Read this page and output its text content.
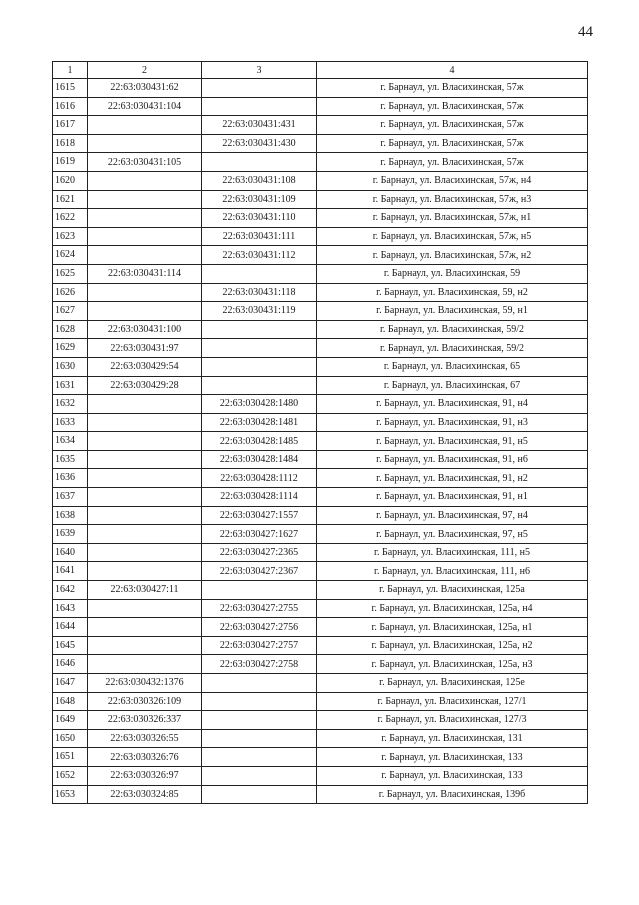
44
1	2	3	4
1615	22:63:030431:62		г. Барнаул, ул. Власихинская, 57ж
1616	22:63:030431:104		г. Барнаул, ул. Власихинская, 57ж
1617		22:63:030431:431	г. Барнаул, ул. Власихинская, 57ж
1618		22:63:030431:430	г. Барнаул, ул. Власихинская, 57ж
1619	22:63:030431:105		г. Барнаул, ул. Власихинская, 57ж
1620		22:63:030431:108	г. Барнаул, ул. Власихинская, 57ж, н4
1621		22:63:030431:109	г. Барнаул, ул. Власихинская, 57ж, н3
1622		22:63:030431:110	г. Барнаул, ул. Власихинская, 57ж, н1
1623		22:63:030431:111	г. Барнаул, ул. Власихинская, 57ж, н5
1624		22:63:030431:112	г. Барнаул, ул. Власихинская, 57ж, н2
1625	22:63:030431:114		г. Барнаул, ул. Власихинская, 59
1626		22:63:030431:118	г. Барнаул, ул. Власихинская, 59, н2
1627		22:63:030431:119	г. Барнаул, ул. Власихинская, 59, н1
1628	22:63:030431:100		г. Барнаул, ул. Власихинская, 59/2
1629	22:63:030431:97		г. Барнаул, ул. Власихинская, 59/2
1630	22:63:030429:54		г. Барнаул, ул. Власихинская, 65
1631	22:63:030429:28		г. Барнаул, ул. Власихинская, 67
1632		22:63:030428:1480	г. Барнаул, ул. Власихинская, 91, н4
1633		22:63:030428:1481	г. Барнаул, ул. Власихинская, 91, н3
1634		22:63:030428:1485	г. Барнаул, ул. Власихинская, 91, н5
1635		22:63:030428:1484	г. Барнаул, ул. Власихинская, 91, н6
1636		22:63:030428:1112	г. Барнаул, ул. Власихинская, 91, н2
1637		22:63:030428:1114	г. Барнаул, ул. Власихинская, 91, н1
1638		22:63:030427:1557	г. Барнаул, ул. Власихинская, 97, н4
1639		22:63:030427:1627	г. Барнаул, ул. Власихинская, 97, н5
1640		22:63:030427:2365	г. Барнаул, ул. Власихинская, 111, н5
1641		22:63:030427:2367	г. Барнаул, ул. Власихинская, 111, н6
1642	22:63:030427:11		г. Барнаул, ул. Власихинская, 125а
1643		22:63:030427:2755	г. Барнаул, ул. Власихинская, 125а, н4
1644		22:63:030427:2756	г. Барнаул, ул. Власихинская, 125а, н1
1645		22:63:030427:2757	г. Барнаул, ул. Власихинская, 125а, н2
1646		22:63:030427:2758	г. Барнаул, ул. Власихинская, 125а, н3
1647	22:63:030432:1376		г. Барнаул, ул. Власихинская, 125е
1648	22:63:030326:109		г. Барнаул, ул. Власихинская, 127/1
1649	22:63:030326:337		г. Барнаул, ул. Власихинская, 127/3
1650	22:63:030326:55		г. Барнаул, ул. Власихинская, 131
1651	22:63:030326:76		г. Барнаул, ул. Власихинская, 133
1652	22:63:030326:97		г. Барнаул, ул. Власихинская, 133
1653	22:63:030324:85		г. Барнаул, ул. Власихинская, 139б
